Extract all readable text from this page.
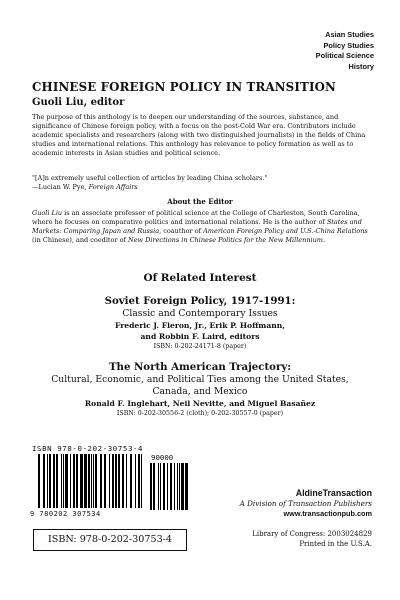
Asian Studies
Policy Studies
Political Science
History
CHINESE FOREIGN POLICY IN TRANSITION
Guoli Liu, editor
The purpose of this anthology is to deepen our understanding of the sources, substance, and significance of Chinese foreign policy, with a focus on the post-Cold War era. Contributors include academic specialists and researchers (along with two distinguished journalists) in the fields of China studies and international relations. This anthology has relevance to policy formation as well as to academic interests in Asian studies and political science.
"[A]n extremely useful collection of articles by leading China scholars."
—Lucian W. Pye, Foreign Affairs
About the Editor
Guoli Liu is an associate professor of political science at the College of Charleston, South Carolina, where he focuses on comparative politics and international relations. He is the author of States and Markets: Comparing Japan and Russia, coauthor of American Foreign Policy and U.S.-China Relations (in Chinese), and coeditor of New Directions in Chinese Politics for the New Millennium.
Of Related Interest
Soviet Foreign Policy, 1917-1991:
Classic and Contemporary Issues
Frederic J. Fleron, Jr., Erik P. Hoffmann,
and Robbin F. Laird, editors
ISBN: 0-202-24171-8 (paper)
The North American Trajectory:
Cultural, Economic, and Political Ties among the United States,
Canada, and Mexico
Ronald F. Inglehart, Neil Nevitte, and Miguel Basañez
ISBN: 0-202-30556-2 (cloth); 0-202-30557-0 (paper)
ISBN 978-0-202-30753-4
90000
9 780202 307534
ISBN: 978-0-202-30753-4
AldineTransaction
A Division of Transaction Publishers
www.transactionpub.com
Library of Congress: 2003024829
Printed in the U.S.A.
